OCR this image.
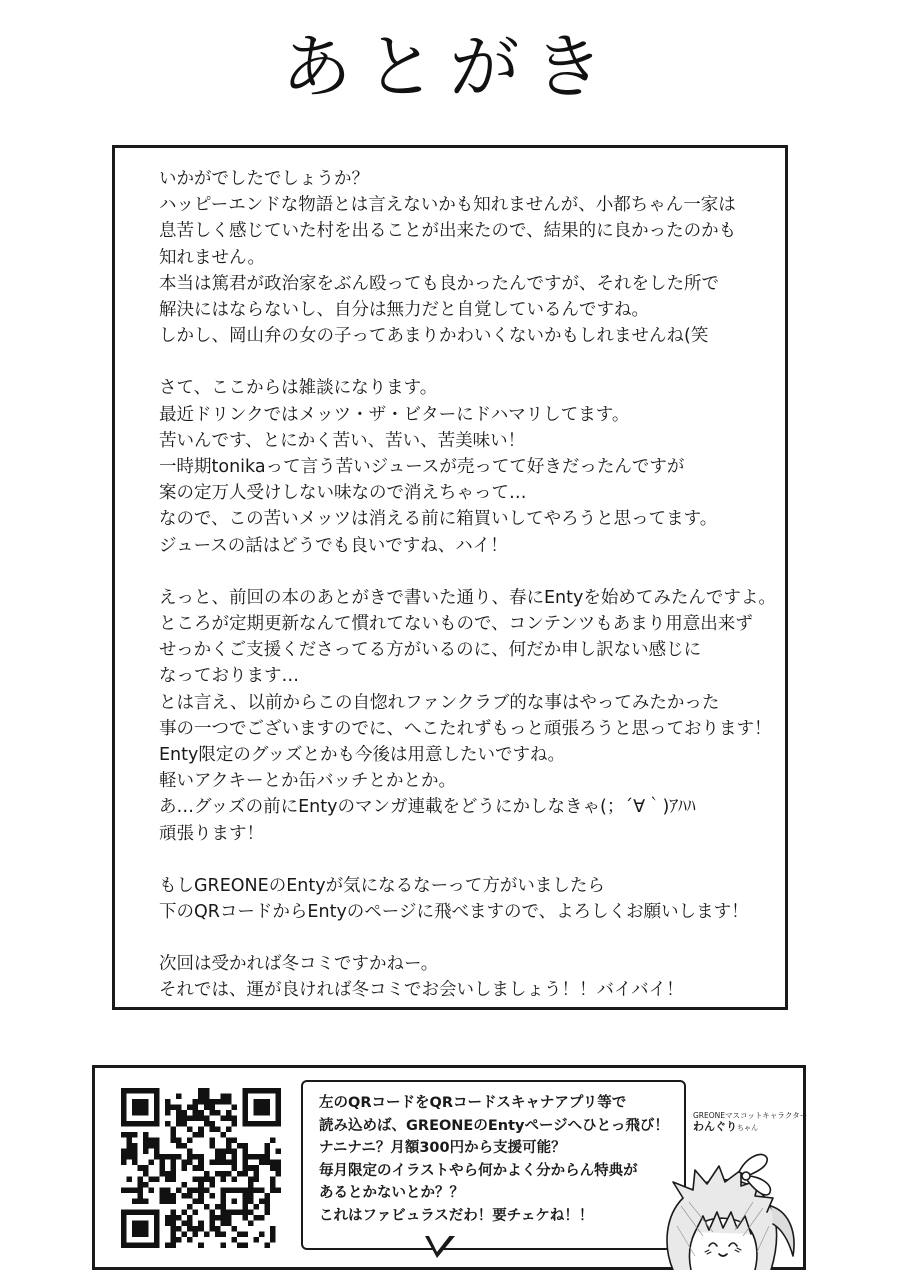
あとがき
いかがでしたでしょうか？
ハッピーエンドな物語とは言えないかも知れませんが、小都ちゃん一家は
息苦しく感じていた村を出ることが出来たので、結果的に良かったのかも
知れません。
本当は篤君が政治家をぶん殴っても良かったんですが、それをした所で
解決にはならないし、自分は無力だと自覚しているんですね。
しかし、岡山弁の女の子ってあまりかわいくないかもしれませんね(笑
さて、ここからは雑談になります。
最近ドリンクではメッツ・ザ・ビターにドハマリしてます。
苦いんです、とにかく苦い、苦い、苦美味い！
一時期tonikaって言う苦いジュースが売ってて好きだったんですが
案の定万人受けしない味なので消えちゃって…
なので、この苦いメッツは消える前に箱買いしてやろうと思ってます。
ジュースの話はどうでも良いですね、ハイ！
えっと、前回の本のあとがきで書いた通り、春にEntyを始めてみたんですよ。
ところが定期更新なんて慣れてないもので、コンテンツもあまり用意出来ず
せっかくご支援くださってる方がいるのに、何だか申し訳ない感じに
なっております…
とは言え、以前からこの自惚れファンクラブ的な事はやってみたかった
事の一つでございますのでに、へこたれずもっと頑張ろうと思っております！
Enty限定のグッズとかも今後は用意したいですね。
軽いアクキーとか缶バッチとかとか。
あ…グッズの前にEntyのマンガ連載をどうにかしなきゃ(；´∀｀)ｱﾊﾊ
頑張ります！
もしGREONEのEntyが気になるなーって方がいましたら
下のQRコードからEntyのページに飛べますので、よろしくお願いします！
次回は受かれば冬コミですかねー。
それでは、運が良ければ冬コミでお会いしましょう！！バイバイ！
左のQRコードをQRコードスキャナアプリ等で
読み込めば、GREONEのEntyページへひとっ飛び！
ナニナニ？月額300円から支援可能？
毎月限定のイラストやら何かよく分からん特典が
あるとかないとか？？
これはファビュラスだわ！要チェケね！！
GREONEマスコットキャラクター
わんぐりちゃん
